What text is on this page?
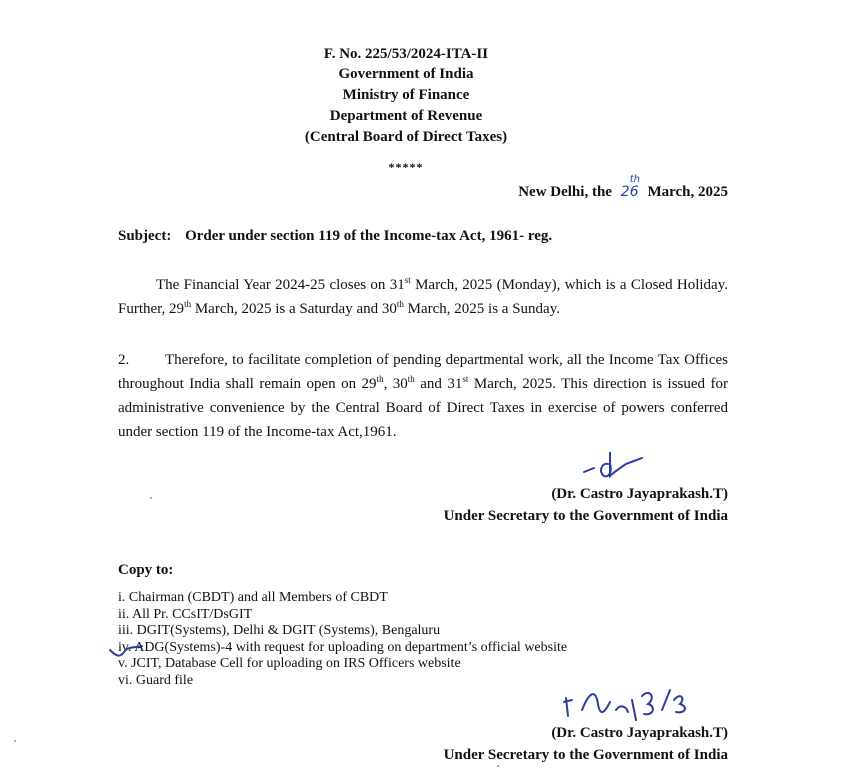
F. No. 225/53/2024-ITA-II
Government of India
Ministry of Finance
Department of Revenue
(Central Board of Direct Taxes)
*****
New Delhi, the 26
th
March, 2025
Subject: Order under section 119 of the Income-tax Act, 1961- reg.
The Financial Year 2024-25 closes on 31st March, 2025 (Monday), which is a Closed Holiday. Further, 29th March, 2025 is a Saturday and 30th March, 2025 is a Sunday.
2. Therefore, to facilitate completion of pending departmental work, all the Income Tax Offices throughout India shall remain open on 29th, 30th and 31st March, 2025. This direction is issued for administrative convenience by the Central Board of Direct Taxes in exercise of powers conferred under section 119 of the Income-tax Act,1961.
(Dr. Castro Jayaprakash.T)
Under Secretary to the Government of India
Copy to:
i. Chairman (CBDT) and all Members of CBDT
ii. All Pr. CCsIT/DsGIT
iii. DGIT(Systems), Delhi & DGIT (Systems), Bengaluru
iv. ADG(Systems)-4 with request for uploading on department’s official website
v. JCIT, Database Cell for uploading on IRS Officers website
vi. Guard file
(Dr. Castro Jayaprakash.T)
Under Secretary to the Government of India
